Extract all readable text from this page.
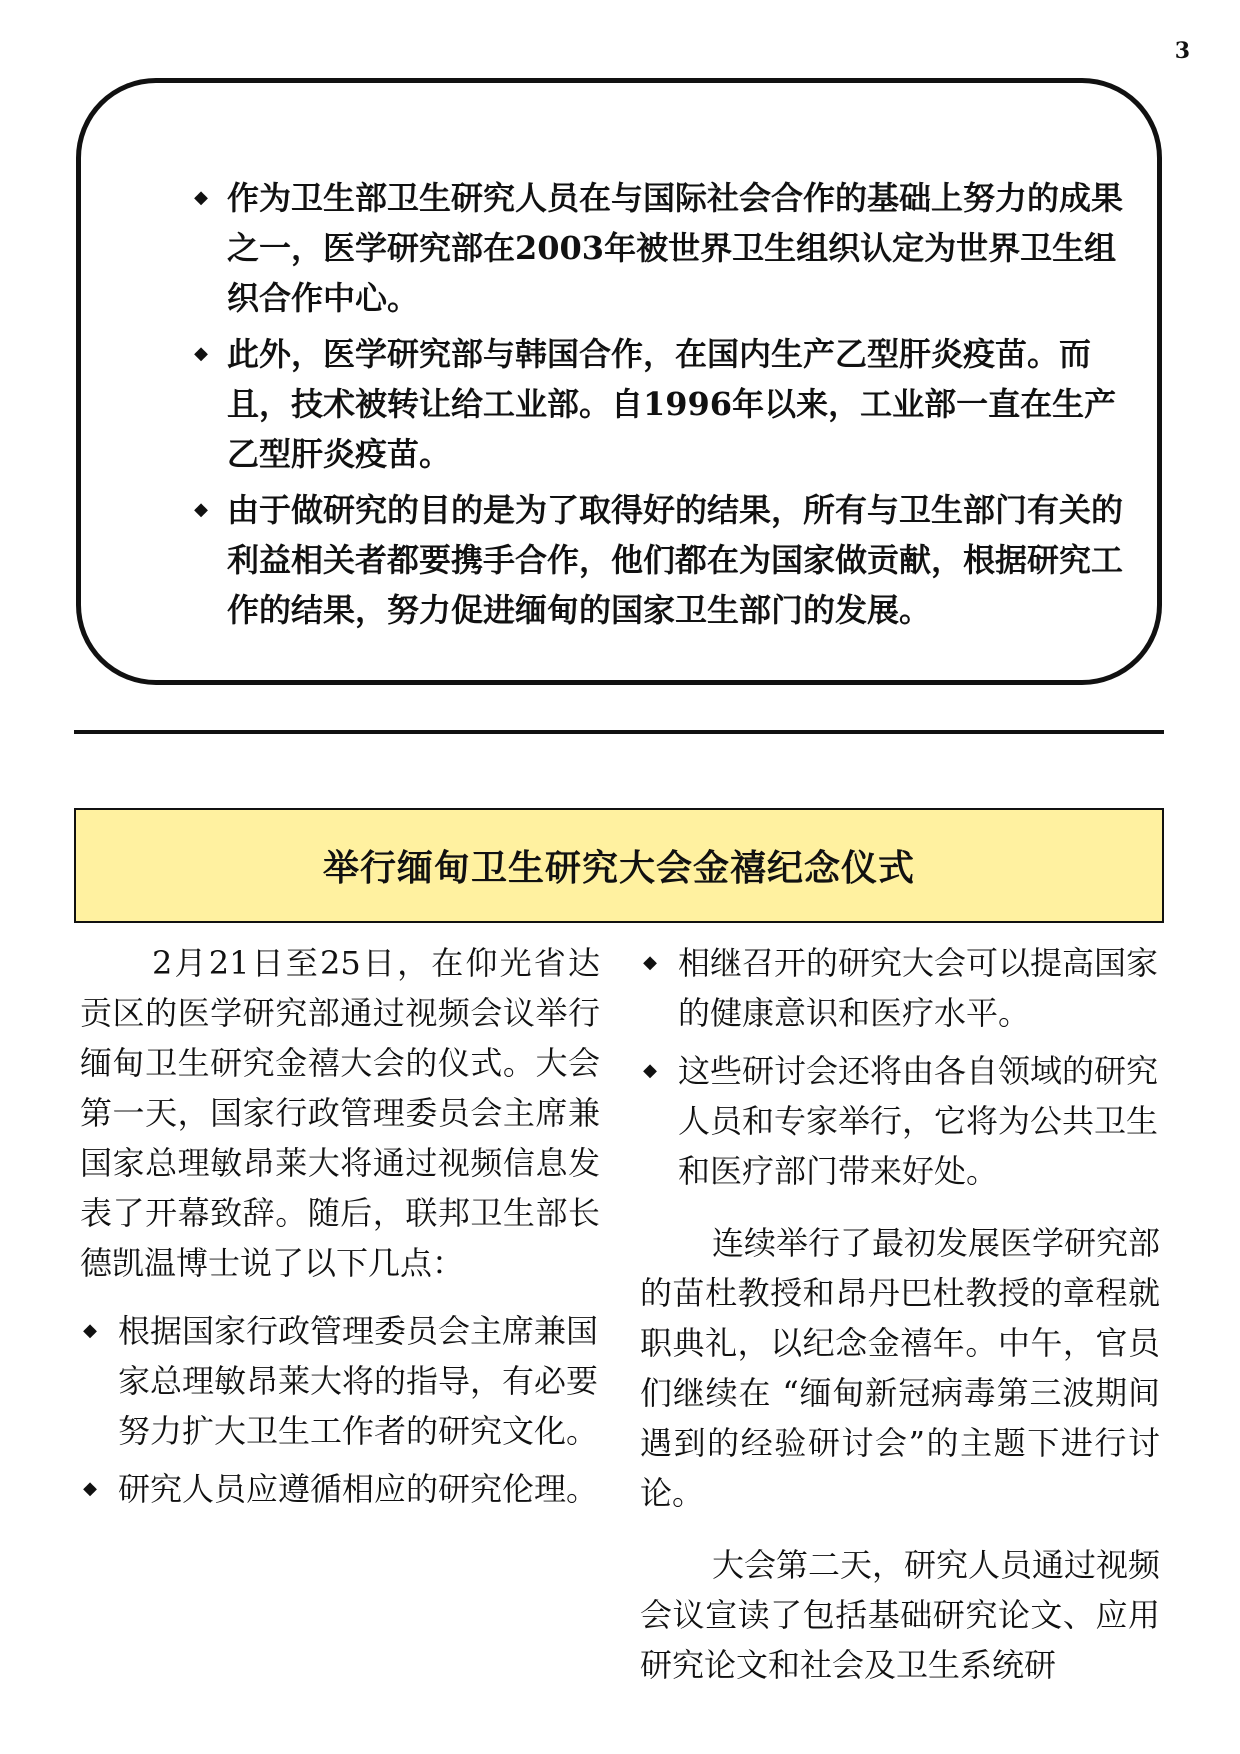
3
◆ 作为卫生部卫生研究人员在与国际社会合作的基础上努力的成果之一，医学研究部在2003年被世界卫生组织认定为世界卫生组织合作中心。
◆ 此外，医学研究部与韩国合作，在国内生产乙型肝炎疫苗。而且，技术被转让给工业部。自1996年以来，工业部一直在生产乙型肝炎疫苗。
◆ 由于做研究的目的是为了取得好的结果，所有与卫生部门有关的利益相关者都要携手合作，他们都在为国家做贡献，根据研究工作的结果，努力促进缅甸的国家卫生部门的发展。
举行缅甸卫生研究大会金禧纪念仪式

2月21日至25日，在仰光省达贡区的医学研究部通过视频会议举行缅甸卫生研究金禧大会的仪式。大会第一天，国家行政管理委员会主席兼国家总理敏昂莱大将通过视频信息发表了开幕致辞。随后，联邦卫生部长德凯温博士说了以下几点：

◆ 根据国家行政管理委员会主席兼国家总理敏昂莱大将的指导，有必要努力扩大卫生工作者的研究文化。
◆ 研究人员应遵循相应的研究伦理。
◆ 相继召开的研究大会可以提高国家的健康意识和医疗水平。
◆ 这些研讨会还将由各自领域的研究人员和专家举行，它将为公共卫生和医疗部门带来好处。

连续举行了最初发展医学研究部的苗杜教授和昂丹巴杜教授的章程就职典礼，以纪念金禧年。中午，官员们继续在 “缅甸新冠病毒第三波期间遇到的经验研讨会”的主题下进行讨论。

大会第二天，研究人员通过视频会议宣读了包括基础研究论文、应用研究论文和社会及卫生系统研
